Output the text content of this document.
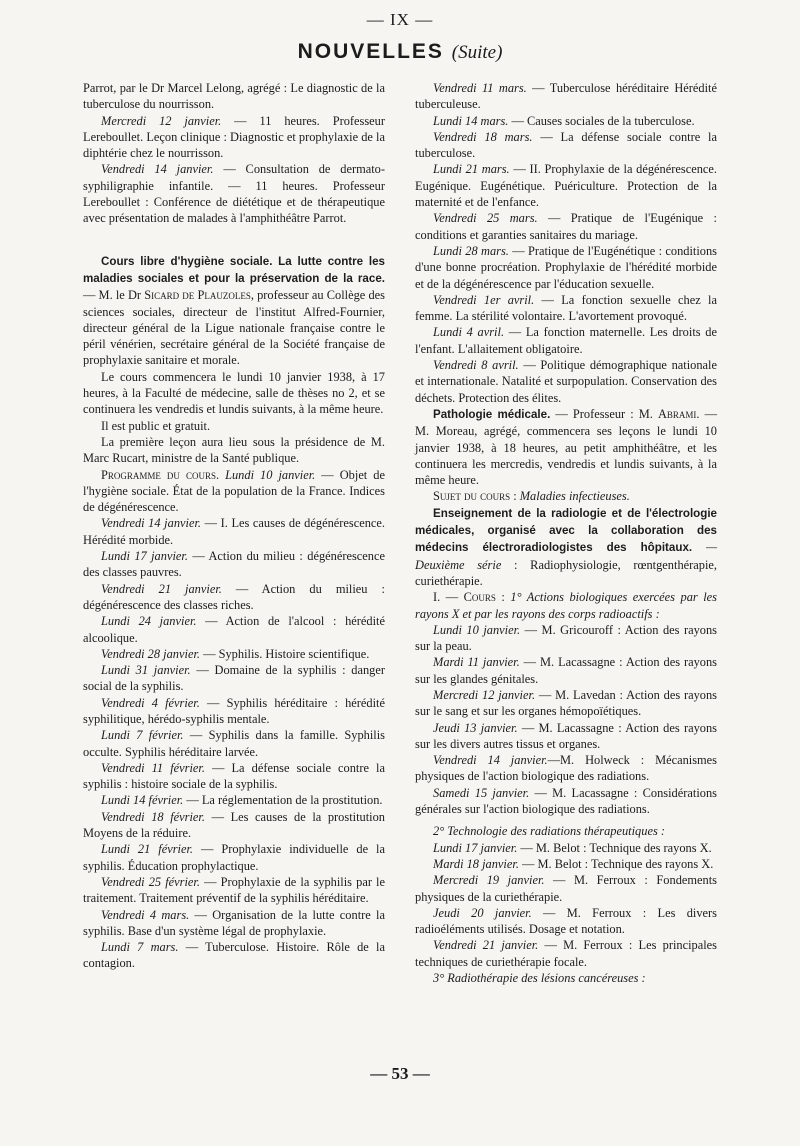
— IX —
NOUVELLES (Suite)

Parrot, par le Dr Marcel Lelong, agrégé : Le diagnostic de la tuberculose du nourrisson.

Mercredi 12 janvier. — 11 heures. Professeur Lereboullet. Leçon clinique : Diagnostic et prophylaxie de la diphtérie chez le nourrisson.

Vendredi 14 janvier. — Consultation de dermato-syphiligraphie infantile. — 11 heures. Professeur Lereboullet : Conférence de diététique et de thérapeutique avec présentation de malades à l'amphithéâtre Parrot.

Cours libre d'hygiène sociale. La lutte contre les maladies sociales et pour la préservation de la race. — M. le Dr Sicard de Plauzoles, professeur au Collège des sciences sociales, directeur de l'institut Alfred-Fournier, directeur général de la Ligue nationale française contre le péril vénérien, secrétaire général de la Société française de prophylaxie sanitaire et morale.

Le cours commencera le lundi 10 janvier 1938, à 17 heures, à la Faculté de médecine, salle de thèses no 2, et se continuera les vendredis et lundis suivants, à la même heure.

Il est public et gratuit.

La première leçon aura lieu sous la présidence de M. Marc Rucart, ministre de la Santé publique.

Programme du cours. Lundi 10 janvier. — Objet de l'hygiène sociale. État de la population de la France. Indices de dégénérescence.

Vendredi 14 janvier. — I. Les causes de dégénérescence. Hérédité morbide.

Lundi 17 janvier. — Action du milieu : dégénérescence des classes pauvres.

Vendredi 21 janvier. — Action du milieu : dégénérescence des classes riches.

Lundi 24 janvier. — Action de l'alcool : hérédité alcoolique.

Vendredi 28 janvier. — Syphilis. Histoire scientifique.

Lundi 31 janvier. — Domaine de la syphilis : danger social de la syphilis.

Vendredi 4 février. — Syphilis héréditaire : hérédité syphilitique, hérédo-syphilis mentale.

Lundi 7 février. — Syphilis dans la famille. Syphilis occulte. Syphilis héréditaire larvée.

Vendredi 11 février. — La défense sociale contre la syphilis : histoire sociale de la syphilis.

Lundi 14 février. — La réglementation de la prostitution.

Vendredi 18 février. — Les causes de la prostitution Moyens de la réduire.

Lundi 21 février. — Prophylaxie individuelle de la syphilis. Éducation prophylactique.

Vendredi 25 février. — Prophylaxie de la syphilis par le traitement. Traitement préventif de la syphilis héréditaire.

Vendredi 4 mars. — Organisation de la lutte contre la syphilis. Base d'un système légal de prophylaxie.

Lundi 7 mars. — Tuberculose. Histoire. Rôle de la contagion.

Vendredi 11 mars. — Tuberculose héréditaire Hérédité tuberculeuse.

Lundi 14 mars. — Causes sociales de la tuberculose.

Vendredi 18 mars. — La défense sociale contre la tuberculose.

Lundi 21 mars. — II. Prophylaxie de la dégénérescence. Eugénique. Eugénétique. Puériculture. Protection de la maternité et de l'enfance.

Vendredi 25 mars. — Pratique de l'Eugénique : conditions et garanties sanitaires du mariage.

Lundi 28 mars. — Pratique de l'Eugénétique : conditions d'une bonne procréation. Prophylaxie de l'hérédité morbide et de la dégénérescence par l'éducation sexuelle.

Vendredi 1er avril. — La fonction sexuelle chez la femme. La stérilité volontaire. L'avortement provoqué.

Lundi 4 avril. — La fonction maternelle. Les droits de l'enfant. L'allaitement obligatoire.

Vendredi 8 avril. — Politique démographique nationale et internationale. Natalité et surpopulation. Conservation des déchets. Protection des élites.

Pathologie médicale. — Professeur : M. Abrami. — M. Moreau, agrégé, commencera ses leçons le lundi 10 janvier 1938, à 18 heures, au petit amphithéâtre, et les continuera les mercredis, vendredis et lundis suivants, à la même heure.

Sujet du cours : Maladies infectieuses.

Enseignement de la radiologie et de l'électrologie médicales, organisé avec la collaboration des médecins électroradiologistes des hôpitaux. — Deuxième série : Radiophysiologie, rœntgenthérapie, curiethérapie.

I. — Cours : 1° Actions biologiques exercées par les rayons X et par les rayons des corps radioactifs :

Lundi 10 janvier. — M. Gricouroff : Action des rayons sur la peau.

Mardi 11 janvier. — M. Lacassagne : Action des rayons sur les glandes génitales.

Mercredi 12 janvier. — M. Lavedan : Action des rayons sur le sang et sur les organes hémopoïétiques.

Jeudi 13 janvier. — M. Lacassagne : Action des rayons sur les divers autres tissus et organes.

Vendredi 14 janvier.—M. Holweck : Mécanismes physiques de l'action biologique des radiations.

Samedi 15 janvier. — M. Lacassagne : Considérations générales sur l'action biologique des radiations.

2° Technologie des radiations thérapeutiques :

Lundi 17 janvier. — M. Belot : Technique des rayons X.

Mardi 18 janvier. — M. Belot : Technique des rayons X.

Mercredi 19 janvier. — M. Ferroux : Fondements physiques de la curiethérapie.

Jeudi 20 janvier. — M. Ferroux : Les divers radioéléments utilisés. Dosage et notation.

Vendredi 21 janvier. — M. Ferroux : Les principales techniques de curiethérapie focale.

3° Radiothérapie des lésions cancéreuses :

— 53 —
